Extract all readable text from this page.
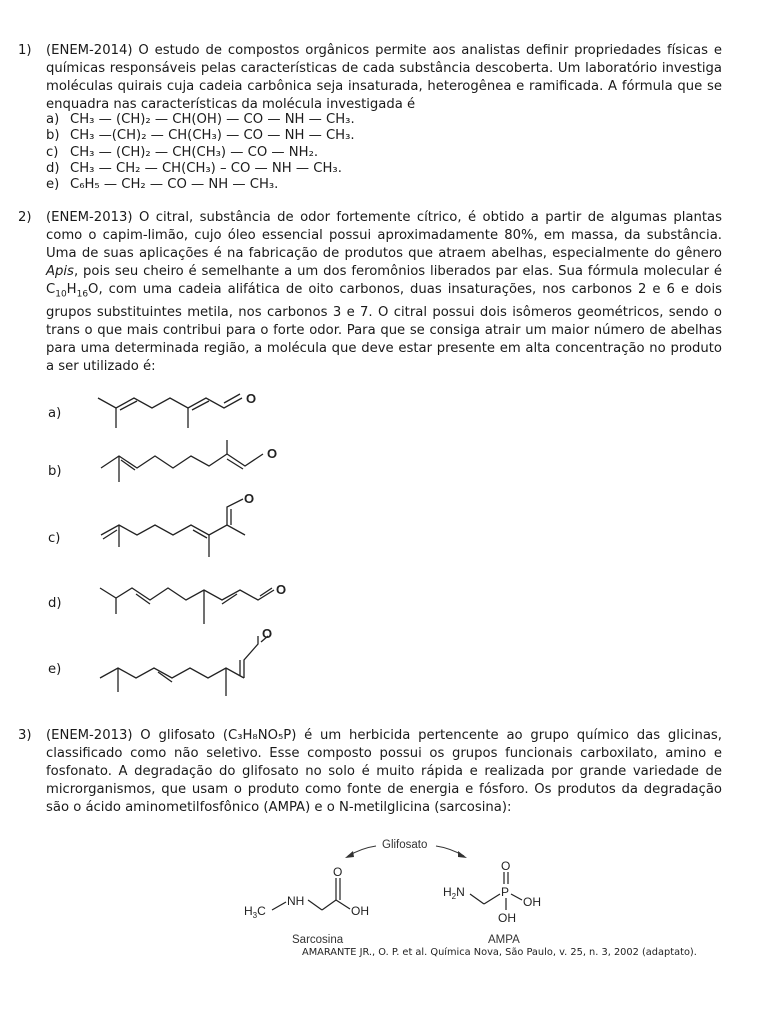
1) (ENEM-2014) O estudo de compostos orgânicos permite aos analistas definir propriedades físicas e químicas responsáveis pelas características de cada substância descoberta. Um laboratório investiga moléculas quirais cuja cadeia carbônica seja insaturada, heterogênea e ramificada. A fórmula que se enquadra nas características da molécula investigada é
a) CH₃ — (CH)₂ — CH(OH) — CO — NH — CH₃.
b) CH₃ —(CH)₂ — CH(CH₃) — CO — NH — CH₃.
c) CH₃ — (CH)₂ — CH(CH₃) — CO — NH₂.
d) CH₃ — CH₂ — CH(CH₃) – CO — NH — CH₃.
e) C₆H₅ — CH₂ — CO — NH — CH₃.
2) (ENEM-2013) O citral, substância de odor fortemente cítrico, é obtido a partir de algumas plantas como o capim-limão, cujo óleo essencial possui aproximadamente 80%, em massa, da substância. Uma de suas aplicações é na fabricação de produtos que atraem abelhas, especialmente do gênero Apis, pois seu cheiro é semelhante a um dos feromônios liberados par elas. Sua fórmula molecular é $C_{10}H_{16}O$, com uma cadeia alifática de oito carbonos, duas insaturações, nos carbonos 2 e 6 e dois grupos substituintes metila, nos carbonos 3 e 7. O citral possui dois isômeros geométricos, sendo o trans o que mais contribui para o forte odor. Para que se consiga atrair um maior número de abelhas para uma determinada região, a molécula que deve estar presente em alta concentração no produto a ser utilizado é:
a)
O
b)
O
c)
O
d)
O
e)
O
3) (ENEM-2013) O glifosato (C₃H₈NO₅P) é um herbicida pertencente ao grupo químico das glicinas, classificado como não seletivo. Esse composto possui os grupos funcionais carboxilato, amino e fosfonato. A degradação do glifosato no solo é muito rápida e realizada por grande variedade de microrganismos, que usam o produto como fonte de energia e fósforo. Os produtos da degradação são o ácido aminometilfosfônico (AMPA) e o N-metilglicina (sarcosina):
Glifosato
$H_3C$
NH
O
OH
Sarcosina
$H_2N$	P
O
OH
OH
AMPA
AMARANTE JR., O. P. et al. Química Nova, São Paulo, v. 25, n. 3, 2002 (adaptato).
